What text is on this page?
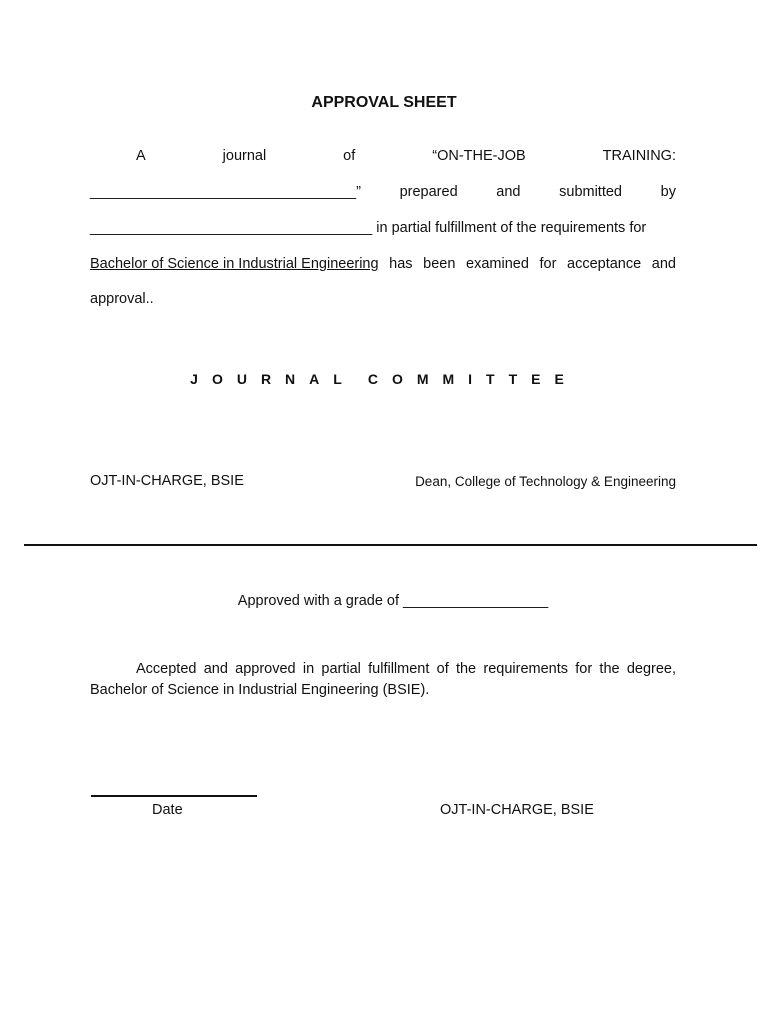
APPROVAL SHEET
A	journal	of	“ON-THE-JOB	TRAINING:
_________________________________”	prepared	and	submitted	by
___________________________________ in partial fulfillment of the requirements for
Bachelor of Science in Industrial Engineering has been examined for acceptance and
approval..
JOURNAL COMMITTEE
OJT-IN-CHARGE, BSIE	Dean, College of Technology & Engineering
Approved with a grade of __________________
Accepted and approved in partial fulfillment of the requirements for the degree, Bachelor of Science in Industrial Engineering (BSIE).
Date	OJT-IN-CHARGE, BSIE
